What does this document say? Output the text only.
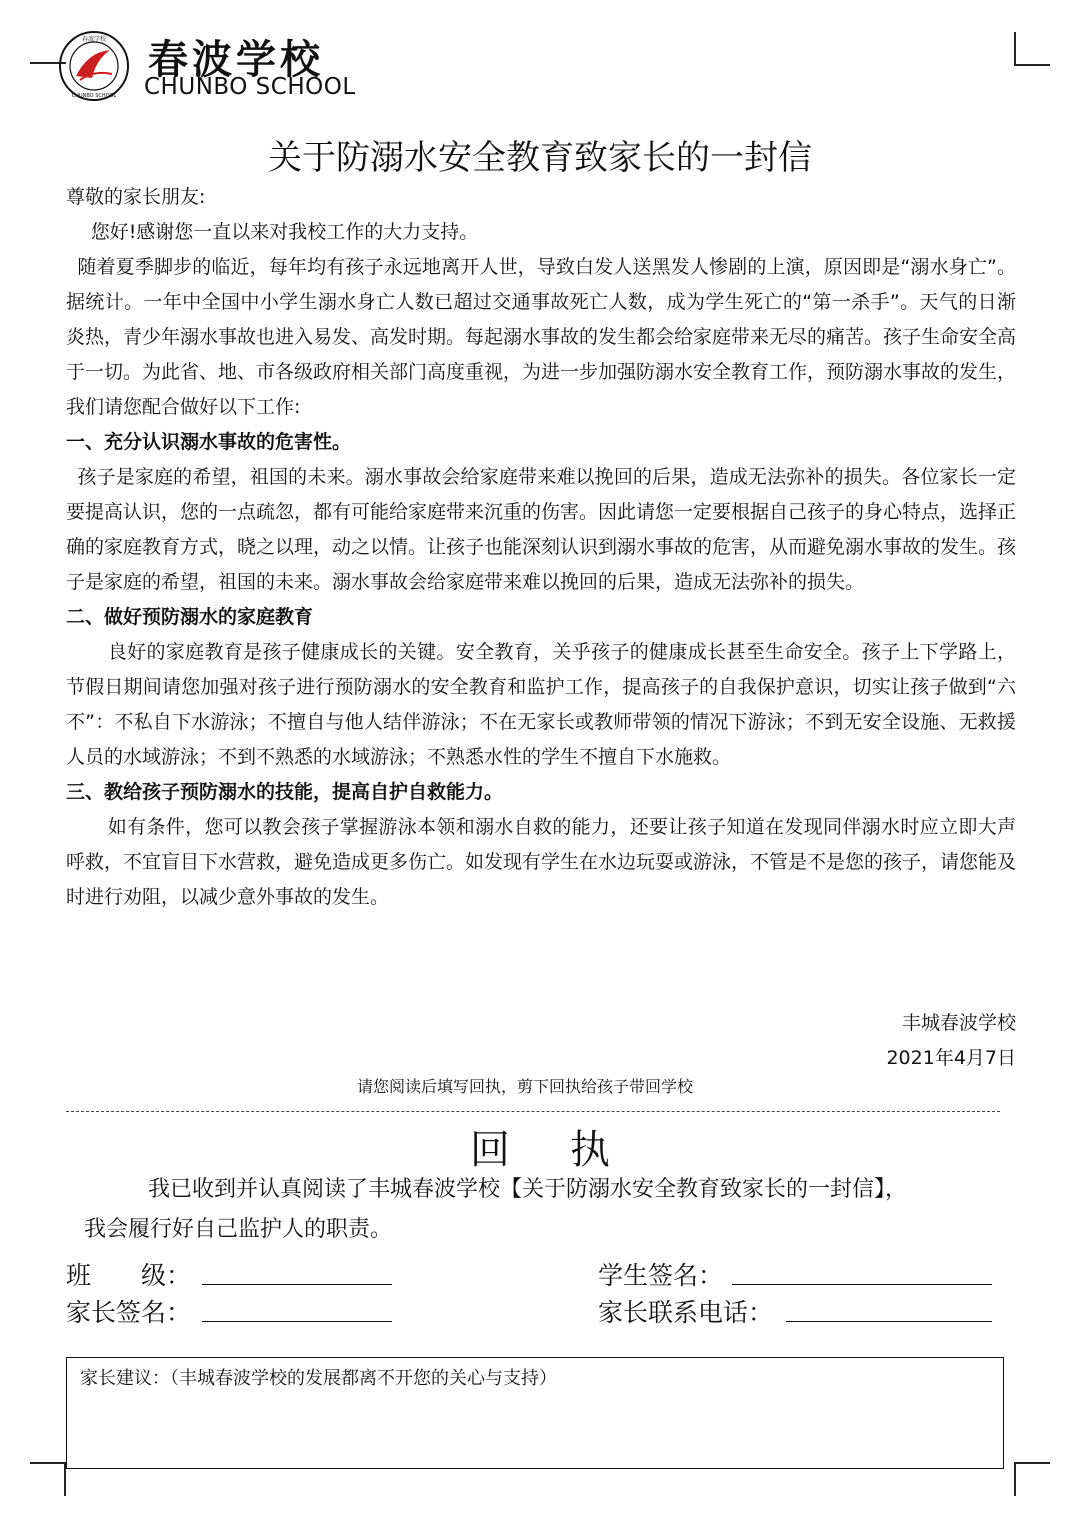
春波学校
CHUNBO SCHOOL
春波学校
CHUNBO SCHOOL
关于防溺水安全教育致家长的一封信

尊敬的家长朋友:

您好!感谢您一直以来对我校工作的大力支持。

随着夏季脚步的临近，每年均有孩子永远地离开人世，导致白发人送黑发人惨剧的上演，原因即是“溺水身亡”。据统计。一年中全国中小学生溺水身亡人数已超过交通事故死亡人数，成为学生死亡的“第一杀手”。天气的日渐炎热，青少年溺水事故也进入易发、高发时期。每起溺水事故的发生都会给家庭带来无尽的痛苦。孩子生命安全高于一切。为此省、地、市各级政府相关部门高度重视，为进一步加强防溺水安全教育工作，预防溺水事故的发生，我们请您配合做好以下工作:

一、充分认识溺水事故的危害性。

孩子是家庭的希望，祖国的未来。溺水事故会给家庭带来难以挽回的后果，造成无法弥补的损失。各位家长一定要提高认识，您的一点疏忽，都有可能给家庭带来沉重的伤害。因此请您一定要根据自己孩子的身心特点，选择正确的家庭教育方式，晓之以理，动之以情。让孩子也能深刻认识到溺水事故的危害，从而避免溺水事故的发生。孩子是家庭的希望，祖国的未来。溺水事故会给家庭带来难以挽回的后果，造成无法弥补的损失。

二、做好预防溺水的家庭教育

良好的家庭教育是孩子健康成长的关键。安全教育，关乎孩子的健康成长甚至生命安全。孩子上下学路上，节假日期间请您加强对孩子进行预防溺水的安全教育和监护工作，提高孩子的自我保护意识，切实让孩子做到“六不”：不私自下水游泳；不擅自与他人结伴游泳；不在无家长或教师带领的情况下游泳；不到无安全设施、无救援人员的水域游泳；不到不熟悉的水域游泳；不熟悉水性的学生不擅自下水施救。

三、教给孩子预防溺水的技能，提高自护自救能力。

如有条件，您可以教会孩子掌握游泳本领和溺水自救的能力，还要让孩子知道在发现同伴溺水时应立即大声呼救，不宜盲目下水营救，避免造成更多伤亡。如发现有学生在水边玩耍或游泳，不管是不是您的孩子，请您能及时进行劝阻，以减少意外事故的发生。

丰城春波学校
2021年4月7日
请您阅读后填写回执，剪下回执给孩子带回学校
回执
我已收到并认真阅读了丰城春波学校【关于防溺水安全教育致家长的一封信】，
我会履行好自己监护人的职责。
班　　级：	学生签名：
家长签名：	家长联系电话：
家长建议：（丰城春波学校的发展都离不开您的关心与支持）
